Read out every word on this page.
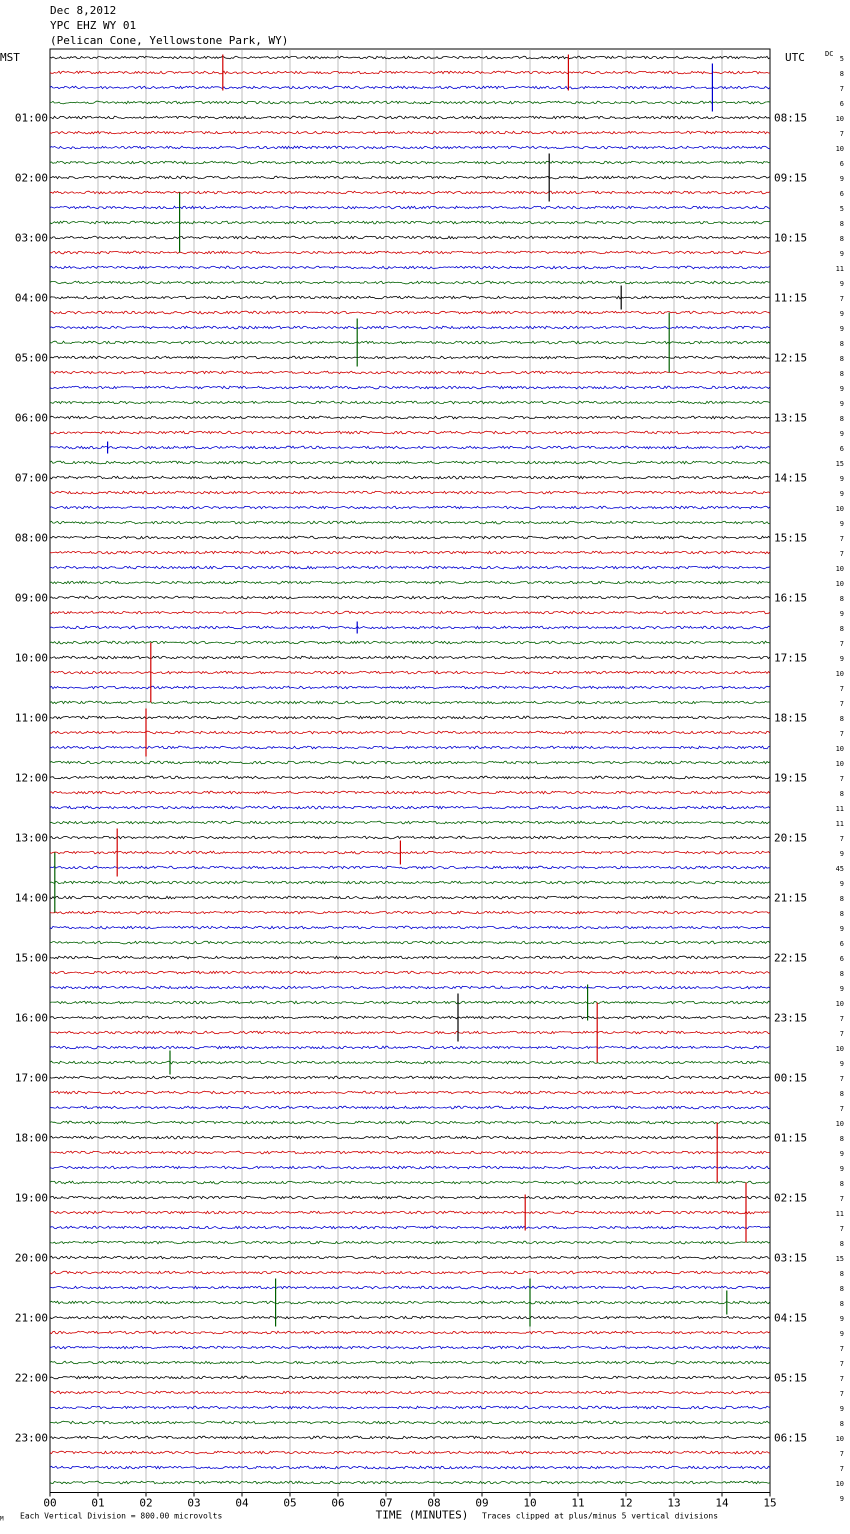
Dec 8,2012
YPC EHZ WY 01
(Pelican Cone, Yellowstone Park, WY)
MST	UTC	DC
01:00
02:00
03:00
04:00
05:00
06:00
07:00
08:00
09:00
10:00
11:00
12:00
13:00
14:00
15:00
16:00
17:00
18:00
19:00
20:00
21:00
22:00
23:00
08:15
09:15
10:15
11:15
12:15
13:15
14:15
15:15
16:15
17:15
18:15
19:15
20:15
21:15
22:15
23:15
00:15
01:15
02:15
03:15
04:15
05:15
06:15
5
8
7
6
10
7
10
6
9
6
5
8
8
9
11
9
7
9
9
8
8
8
9
9
8
9
6
15
9
9
10
9
7
7
10
10
8
9
8
7
9
10
7
7
8
7
10
10
7
8
11
11
7
9
45
9
8
8
9
6
6
8
9
10
7
7
10
9
7
8
7
10
8
9
9
8
7
11
7
8
15
8
8
8
9
9
7
7
7
7
9
8
10
7
7
10
9
00	01	02	03	04	05	06	07	08	09	10	11	12	13	14	15
TIME (MINUTES)
Each Vertical Division = 800.00 microvolts	Traces clipped at plus/minus 5 vertical divisions
M
